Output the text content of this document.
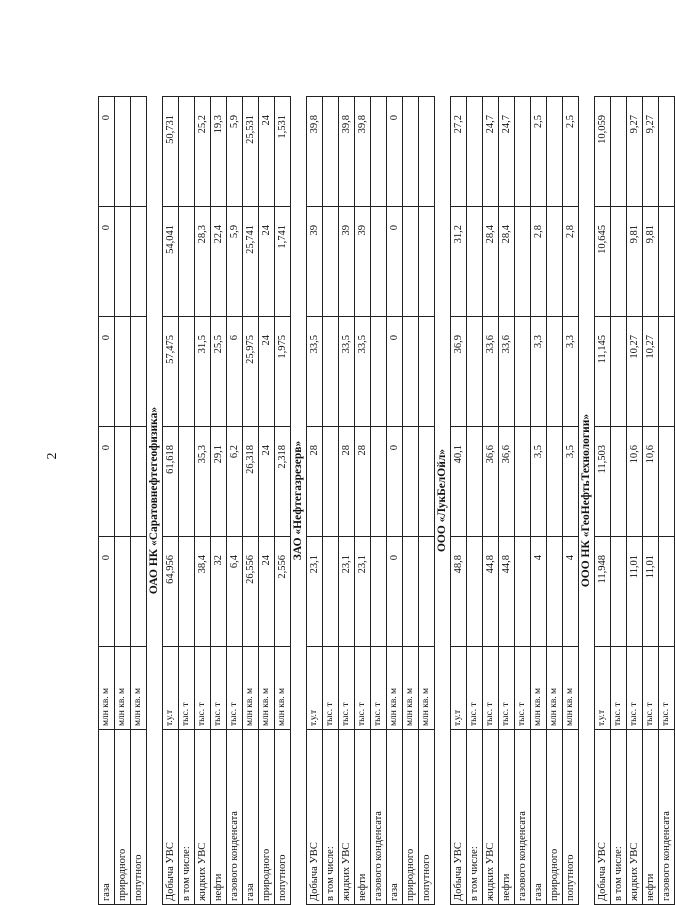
2
газа	млн кв. м	0	0	0	0	0
природного	млн кв. м					
попутного	млн кв. м					
ОАО НК «Саратовнефтегеофизика»						
Добыча УВС	т.у.т	64,956	61,618	57,475	54,041	50,731
в том числе:	тыс. т					
жидких УВС	тыс. т	38,4	35,3	31,5	28,3	25,2
нефти	тыс. т	32	29,1	25,5	22,4	19,3
газового конденсата	тыс. т	6,4	6,2	6	5,9	5,9
газа	млн кв. м	26,556	26,318	25,975	25,741	25,531
природного	млн кв. м	24	24	24	24	24
попутного	млн кв. м	2,556	2,318	1,975	1,741	1,531
ЗАО «Нефтегазрезерв»						
Добыча УВС	т.у.т	23,1	28	33,5	39	39,8
в том числе:	тыс. т					
жидких УВС	тыс. т	23,1	28	33,5	39	39,8
нефти	тыс. т	23,1	28	33,5	39	39,8
газового конденсата	тыс. т					
газа	млн кв. м	0	0	0	0	0
природного	млн кв. м					
попутного	млн кв. м					
ООО «ЛукБелОйл»						
Добыча УВС	т.у.т	48,8	40,1	36,9	31,2	27,2
в том числе:	тыс. т					
жидких УВС	тыс. т	44,8	36,6	33,6	28,4	24,7
нефти	тыс. т	44,8	36,6	33,6	28,4	24,7
газового конденсата	тыс. т					
газа	млн кв. м	4	3,5	3,3	2,8	2,5
природного	млн кв. м					
попутного	млн кв. м	4	3,5	3,3	2,8	2,5
ООО НК «ГеоНефтьТехнологии»						
Добыча УВС	т.у.т	11,948	11,503	11,145	10,645	10,059
в том числе:	тыс. т					
жидких УВС	тыс. т	11,01	10,6	10,27	9,81	9,27
нефти	тыс. т	11,01	10,6	10,27	9,81	9,27
газового конденсата	тыс. т					
